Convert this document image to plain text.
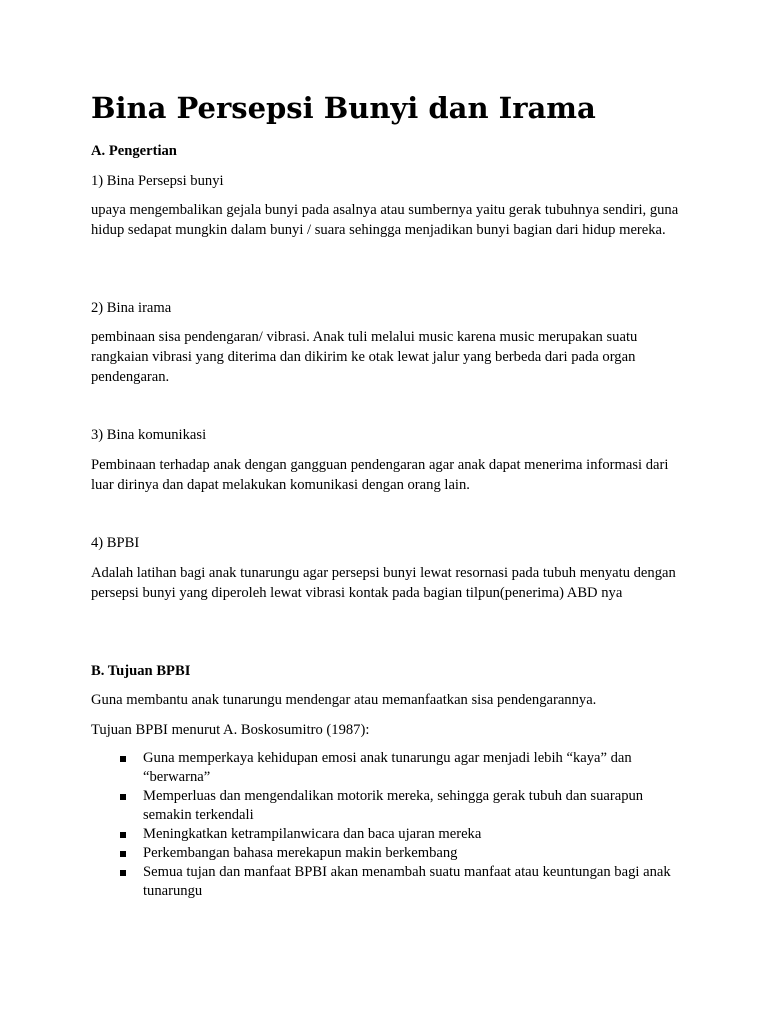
Bina Persepsi Bunyi dan Irama

A. Pengertian

1) Bina Persepsi bunyi

upaya mengembalikan gejala bunyi pada asalnya atau sumbernya yaitu gerak tubuhnya sendiri, guna hidup sedapat mungkin dalam bunyi / suara sehingga menjadikan bunyi bagian dari hidup mereka.

2) Bina irama

pembinaan sisa pendengaran/ vibrasi. Anak tuli melalui music karena music merupakan suatu rangkaian vibrasi yang diterima dan dikirim ke otak lewat jalur yang berbeda dari pada organ pendengaran.

3) Bina komunikasi

Pembinaan terhadap anak dengan gangguan pendengaran agar anak dapat menerima informasi dari luar dirinya dan dapat melakukan komunikasi dengan orang lain.

4) BPBI

Adalah latihan bagi anak tunarungu agar persepsi bunyi lewat resornasi pada tubuh menyatu dengan persepsi bunyi yang diperoleh lewat vibrasi kontak pada bagian tilpun(penerima) ABD nya

B. Tujuan BPBI

Guna membantu anak tunarungu mendengar atau memanfaatkan sisa pendengarannya.

Tujuan BPBI menurut A. Boskosumitro (1987):

Guna memperkaya kehidupan emosi anak tunarungu agar menjadi lebih “kaya” dan “berwarna”
Memperluas dan mengendalikan motorik mereka, sehingga gerak tubuh dan suarapun semakin terkendali
Meningkatkan ketrampilanwicara dan baca ujaran mereka
Perkembangan bahasa merekapun makin berkembang
Semua tujan dan manfaat BPBI akan menambah suatu manfaat atau keuntungan bagi anak tunarungu
